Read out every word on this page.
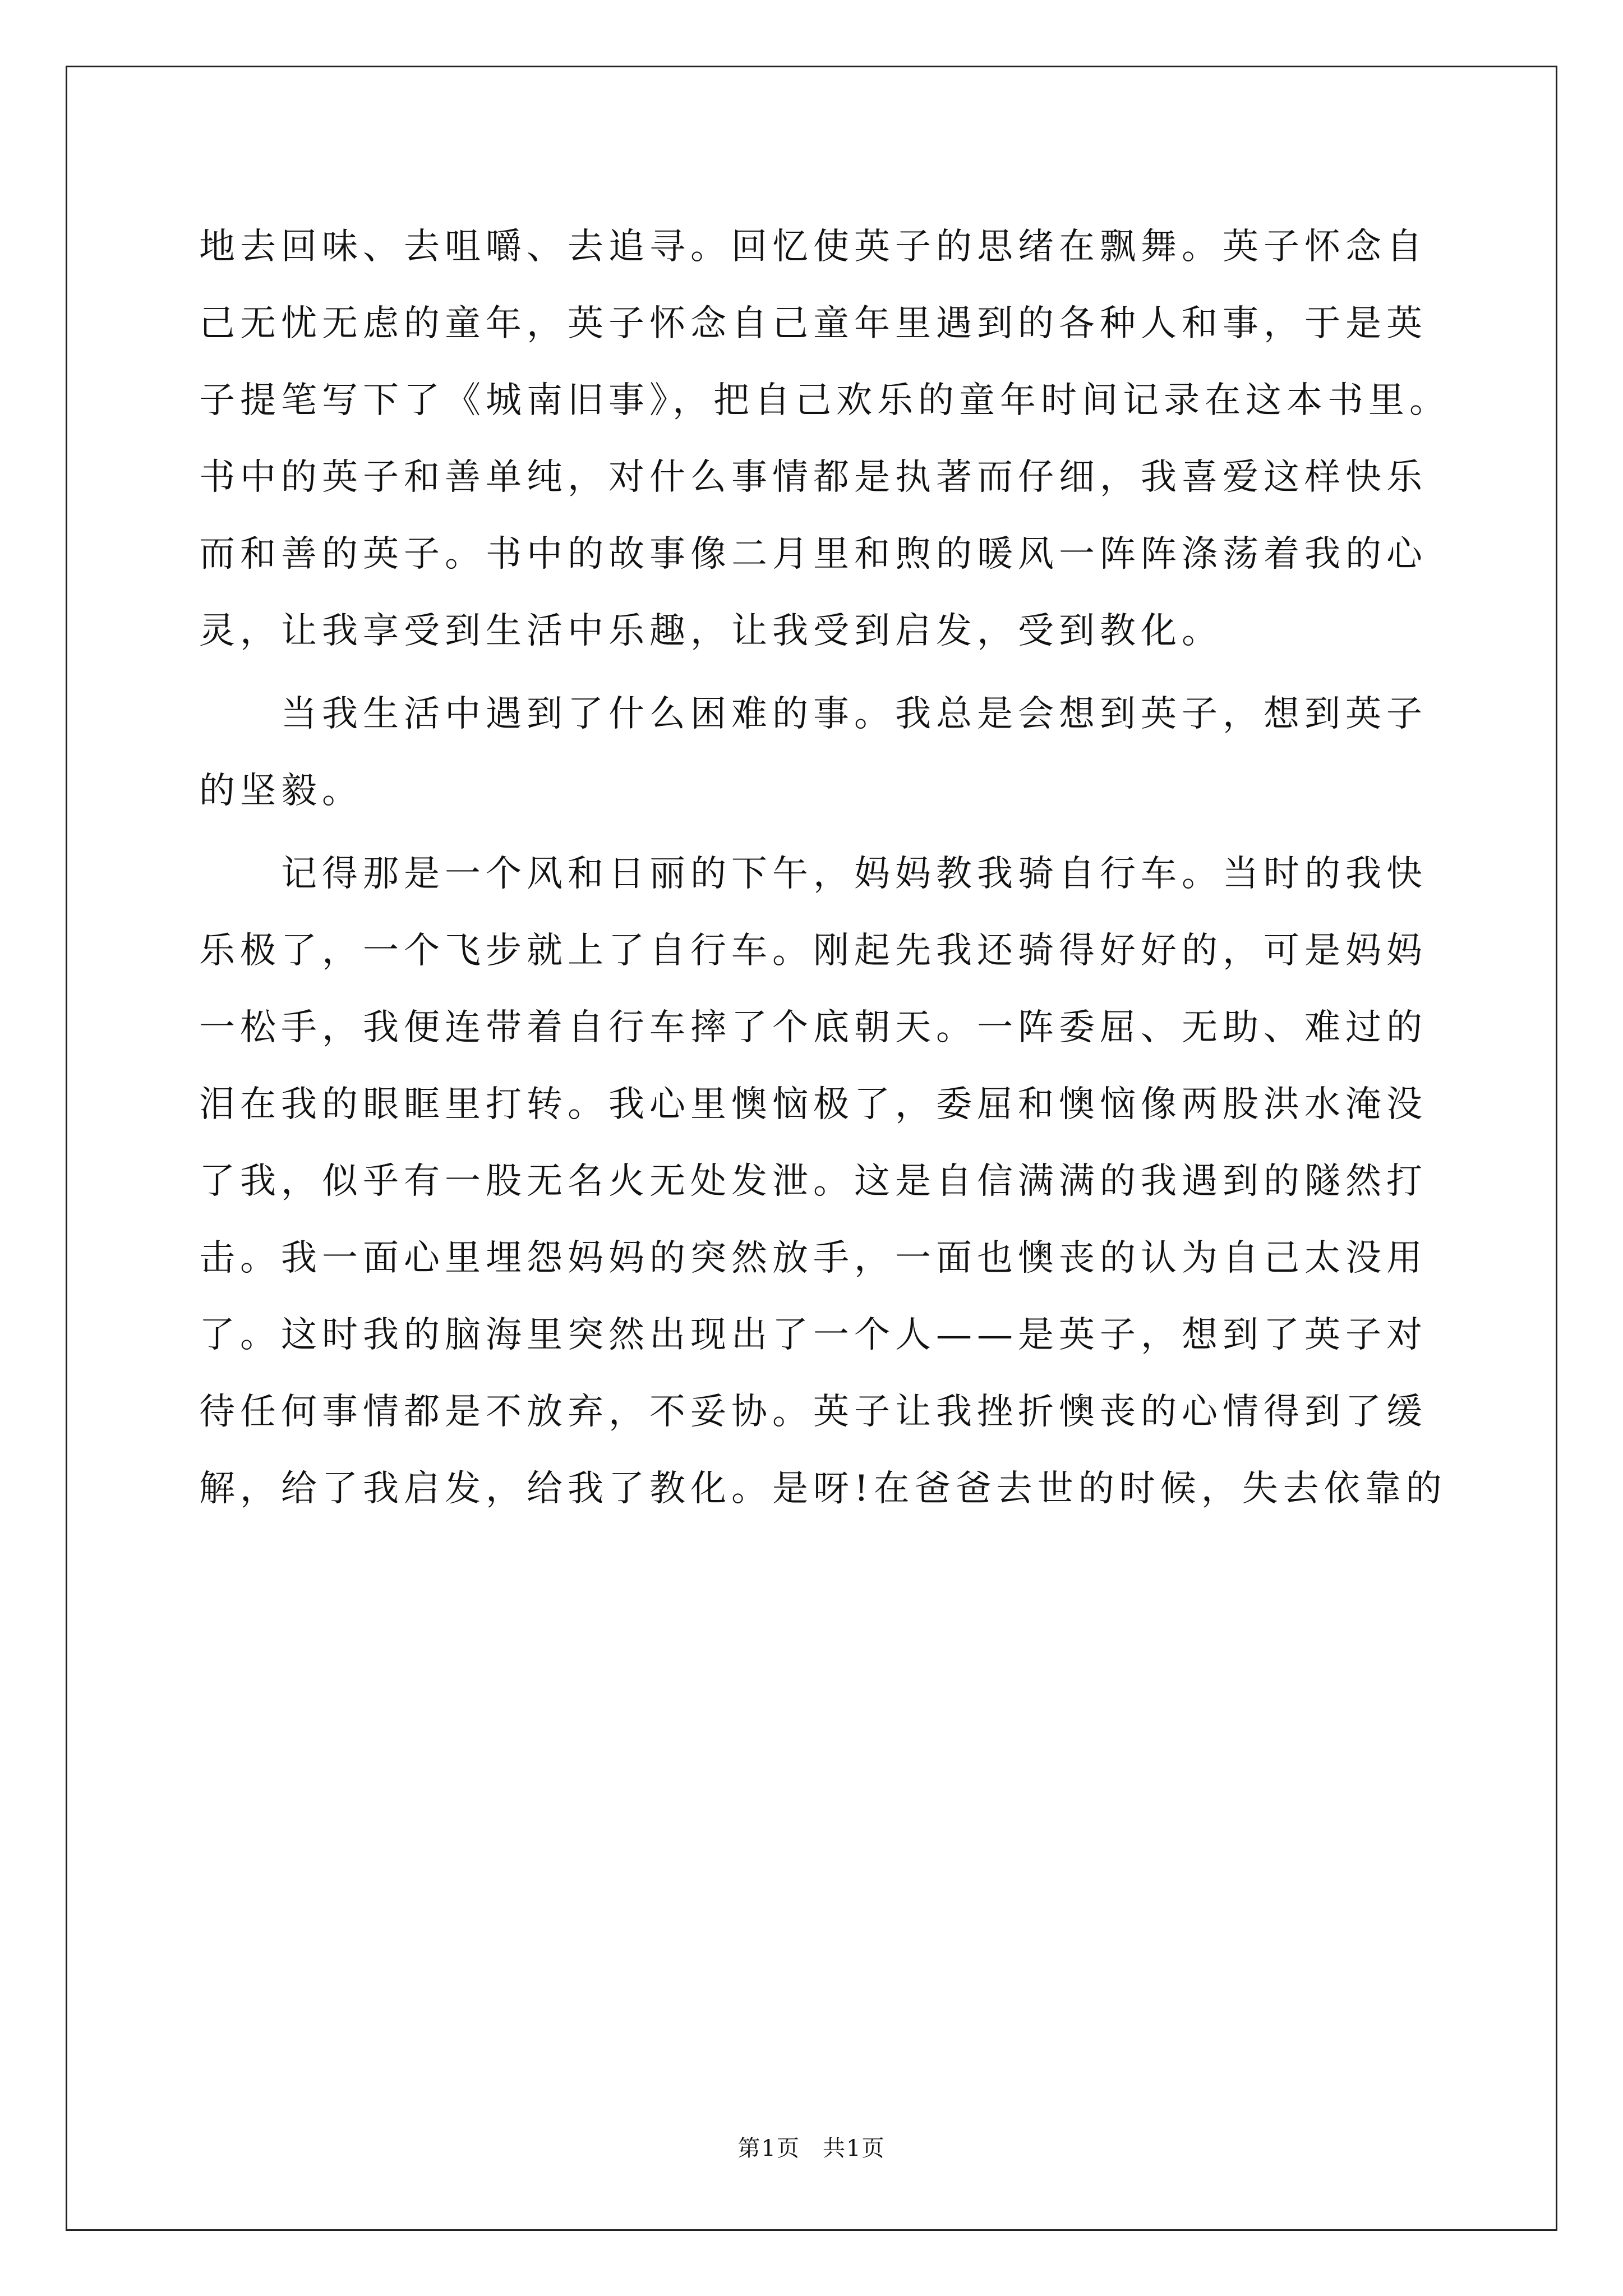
地去回味、去咀嚼、去追寻。回忆使英子的思绪在飘舞。英子怀念自
己无忧无虑的童年，英子怀念自己童年里遇到的各种人和事，于是英
子提笔写下了《城南旧事》，把自己欢乐的童年时间记录在这本书里。
书中的英子和善单纯，对什么事情都是执著而仔细，我喜爱这样快乐
而和善的英子。书中的故事像二月里和煦的暖风一阵阵涤荡着我的心
灵，让我享受到生活中乐趣，让我受到启发，受到教化。
当我生活中遇到了什么困难的事。我总是会想到英子，想到英子
的坚毅。
记得那是一个风和日丽的下午，妈妈教我骑自行车。当时的我快
乐极了，一个飞步就上了自行车。刚起先我还骑得好好的，可是妈妈
一松手，我便连带着自行车摔了个底朝天。一阵委屈、无助、难过的
泪在我的眼眶里打转。我心里懊恼极了，委屈和懊恼像两股洪水淹没
了我，似乎有一股无名火无处发泄。这是自信满满的我遇到的隧然打
击。我一面心里埋怨妈妈的突然放手，一面也懊丧的认为自己太没用
了。这时我的脑海里突然出现出了一个人——是英子，想到了英子对
待任何事情都是不放弃，不妥协。英子让我挫折懊丧的心情得到了缓
解，给了我启发，给我了教化。是呀!在爸爸去世的时候，失去依靠的
第1页 共1页
